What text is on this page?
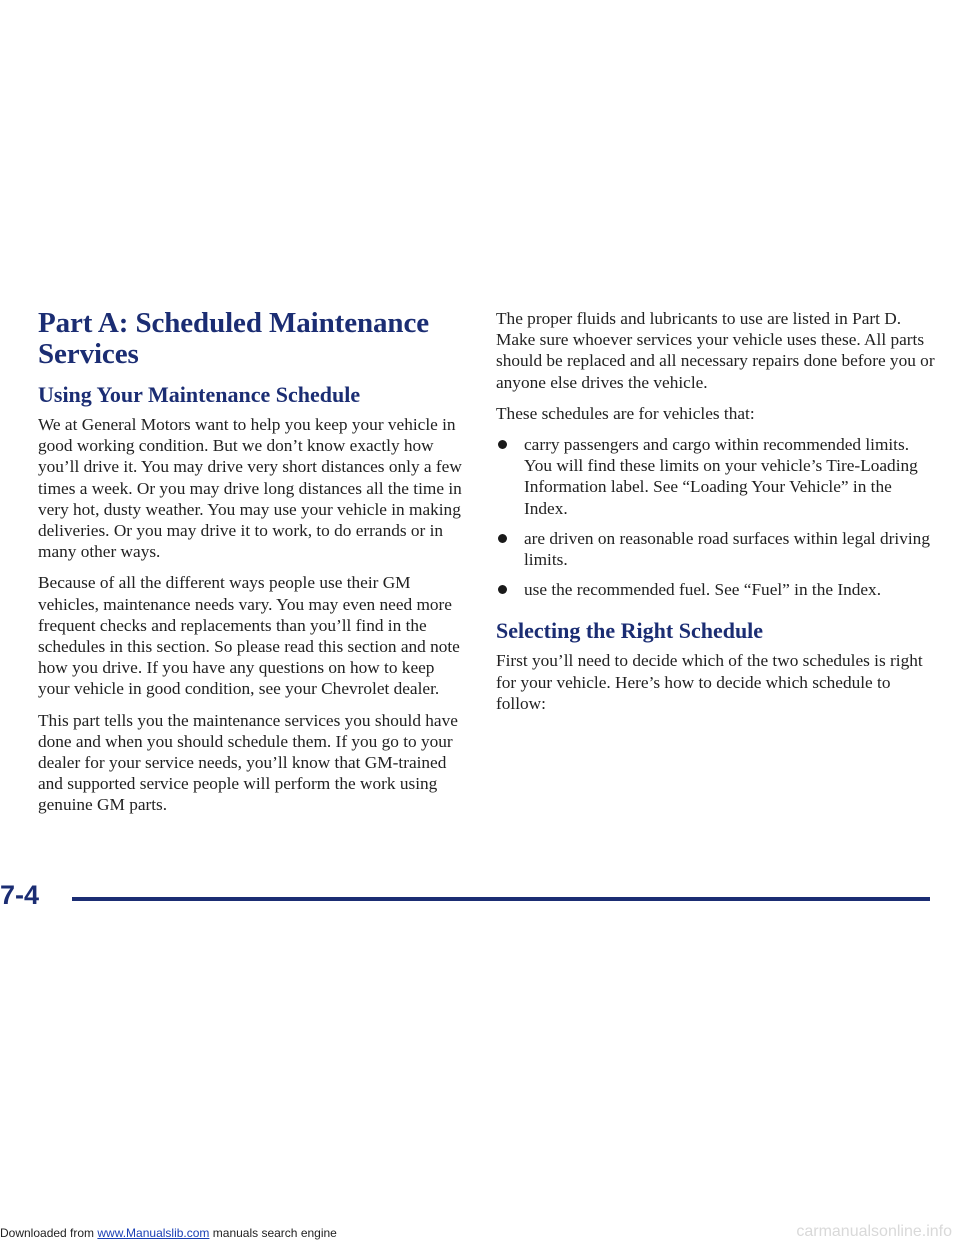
Part A: Scheduled Maintenance Services
Using Your Maintenance Schedule

We at General Motors want to help you keep your vehicle in good working condition. But we don’t know exactly how you’ll drive it. You may drive very short distances only a few times a week. Or you may drive long distances all the time in very hot, dusty weather. You may use your vehicle in making deliveries. Or you may drive it to work, to do errands or in many other ways.

Because of all the different ways people use their GM vehicles, maintenance needs vary. You may even need more frequent checks and replacements than you’ll find in the schedules in this section. So please read this section and note how you drive. If you have any questions on how to keep your vehicle in good condition, see your Chevrolet dealer.

This part tells you the maintenance services you should have done and when you should schedule them. If you go to your dealer for your service needs, you’ll know that GM-trained and supported service people will perform the work using genuine GM parts.

The proper fluids and lubricants to use are listed in Part D. Make sure whoever services your vehicle uses these. All parts should be replaced and all necessary repairs done before you or anyone else drives the vehicle.

These schedules are for vehicles that:

carry passengers and cargo within recommended limits. You will find these limits on your vehicle’s Tire-Loading Information label. See “Loading Your Vehicle” in the Index.
are driven on reasonable road surfaces within legal driving limits.
use the recommended fuel. See “Fuel” in the Index.
Selecting the Right Schedule

First you’ll need to decide which of the two schedules is right for your vehicle. Here’s how to decide which schedule to follow:

7-4
Downloaded from www.Manualslib.com manuals search engine	carmanualsonline.info
